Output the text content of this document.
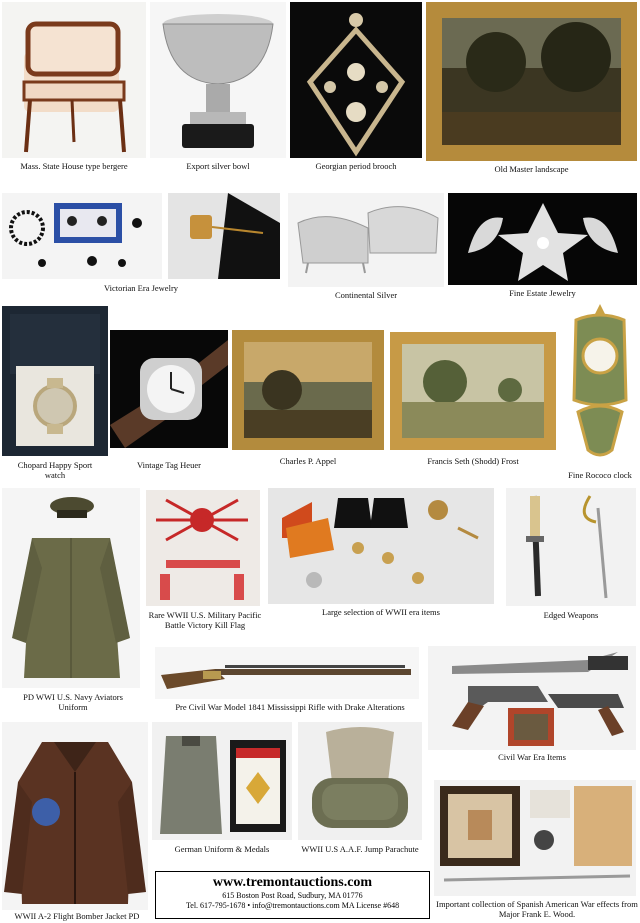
Mass. State House type bergere	Export silver bowl	Georgian period brooch	Old Master landscape
Victorian Era Jewelry
Continental Silver	Fine Estate Jewelry
Chopard Happy Sport watch
Vintage Tag Heuer	Charles P. Appel	Francis Seth (Shodd) Frost
Fine Rococo clock
PD WWI U.S. Navy Aviators Uniform
Rare WWII U.S. Military Pacific Battle Victory Kill Flag
Large selection of WWII era items	Edged Weapons
Pre Civil War Model 1841 Mississippi Rifle with Drake Alterations
Civil War Era Items
WWII A-2 Flight Bomber Jacket PD
German Uniform & Medals	WWII U.S A.A.F. Jump Parachute
Important collection of Spanish American War effects from Major Frank E. Wood.
www.tremontauctions.com
615 Boston Post Road, Sudbury, MA 01776
Tel. 617-795-1678 • info@tremontauctions.com MA License #648
